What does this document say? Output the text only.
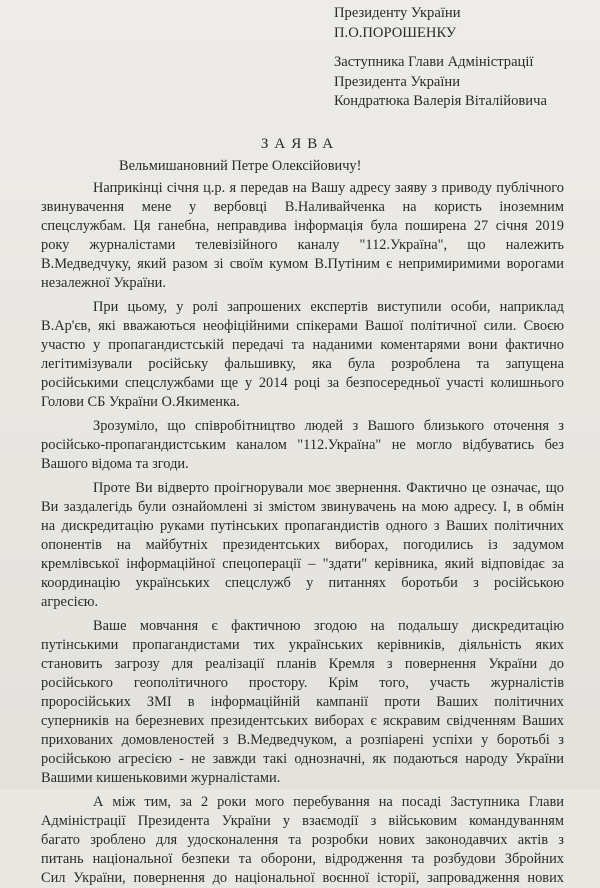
Президенту України
П.О.ПОРОШЕНКУ
Заступника Глави Адміністрації
Президента України
Кондратюка Валерія Віталійовича
ЗАЯВА
Вельмишановний Петре Олексійовичу!
Наприкінці січня ц.р. я передав на Вашу адресу заяву з приводу публічного
звинувачення мене у вербовці В.Наливайченка на користь іноземним
спецслужбам. Ця ганебна, неправдива інформація була поширена 27 січня 2019
року журналістами телевізійного каналу "112.Україна", що належить
В.Медведчуку, який разом зі своїм кумом В.Путіним є непримиримими ворогами
незалежної України.
При цьому, у ролі запрошених експертів виступили особи, наприклад
В.Ар'єв, які вважаються неофіційними спікерами Вашої політичної сили. Своєю
участю у пропагандистській передачі та наданими коментарями вони фактично
легітимізували російську фальшивку, яка була розроблена та запущена
російськими спецслужбами ще у 2014 році за безпосередньої участі колишнього
Голови СБ України О.Якименка.
Зрозуміло, що співробітництво людей з Вашого близького оточення з
російсько-пропагандистським каналом "112.Україна" не могло відбуватись без
Вашого відома та згоди.
Проте Ви відверто проігнорували моє звернення. Фактично це означає, що
Ви заздалегідь були ознайомлені зі змістом звинувачень на мою адресу. І, в обмін
на дискредитацію руками путінських пропагандистів одного з Ваших політичних
опонентів на майбутніх президентських виборах, погодились із задумом
кремлівської інформаційної спецоперації – "здати" керівника, який відповідає за
координацію українських спецслужб у питаннях боротьби з російською
агресією.
Ваше мовчання є фактичною згодою на подальшу дискредитацію
путінськими пропагандистами тих українських керівників, діяльність яких
становить загрозу для реалізації планів Кремля з повернення України до
російського геополітичного простору. Крім того, участь журналістів
проросійських ЗМІ в інформаційній кампанії проти Ваших політичних
суперників на березневих президентських виборах є яскравим свідченням Ваших
прихованих домовленостей з В.Медведчуком, а розпіарені успіхи у боротьбі з
російською агресією - не завжди такі однозначні, як подаються народу України
Вашими кишеньковими журналістами.
А між тим, за 2 роки мого перебування на посаді Заступника Глави
Адміністрації Президента України у взаємодії з військовим командуванням
багато зроблено для удосконалення та розробки нових законодавчих актів з
питань національної безпеки та оборони, відродження та розбудови Збройних
Сил України, повернення до національної воєнної історії, запровадження нових
